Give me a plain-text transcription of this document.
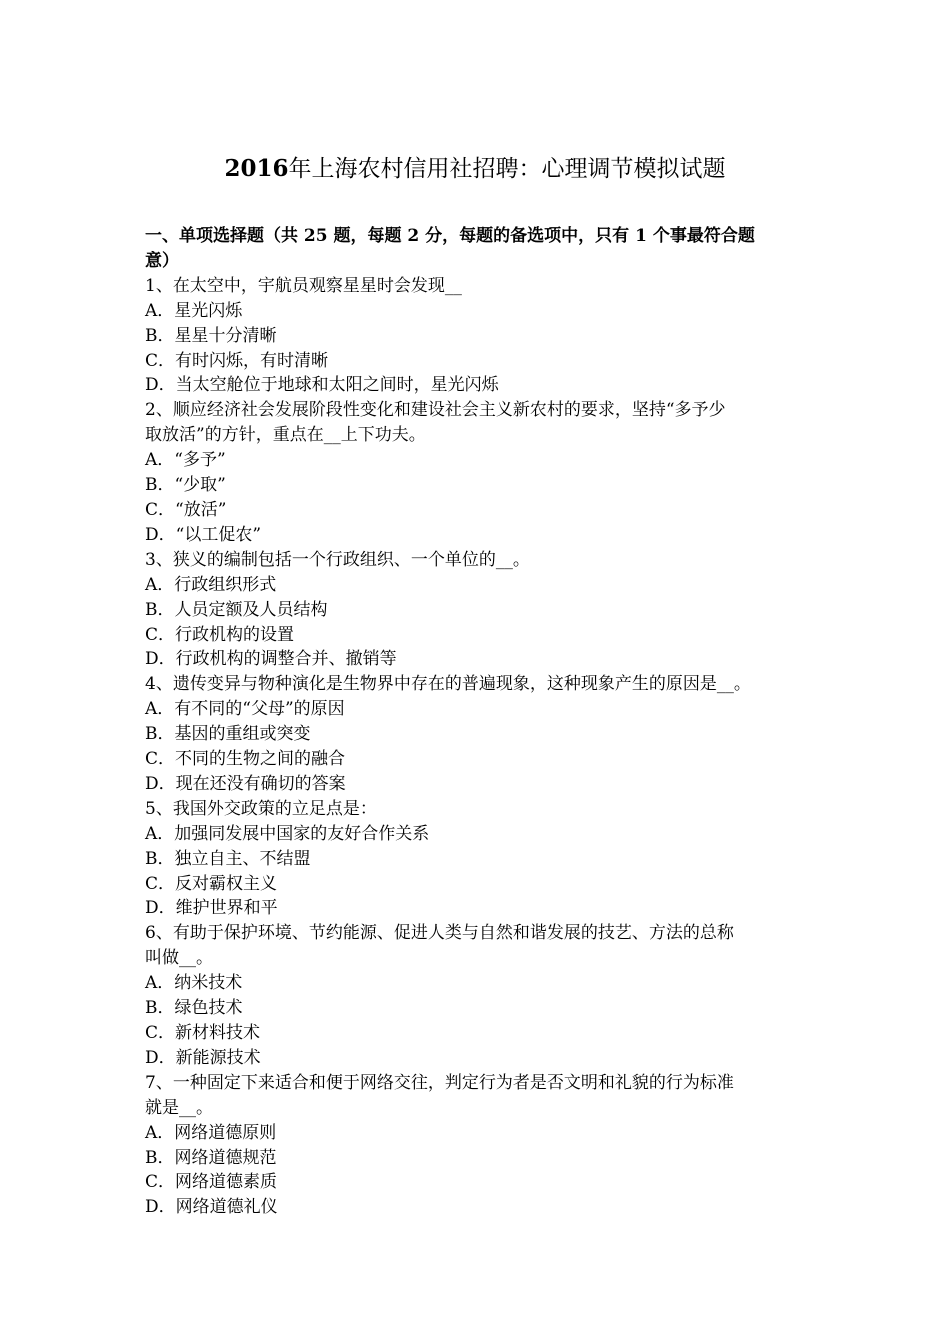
2016年上海农村信用社招聘：心理调节模拟试题

一、单项选择题（共 25 题，每题 2 分，每题的备选项中，只有 1 个事最符合题

意）

1、在太空中，宇航员观察星星时会发现__

A．星光闪烁

B．星星十分清晰

C．有时闪烁，有时清晰

D．当太空舱位于地球和太阳之间时，星光闪烁

2、顺应经济社会发展阶段性变化和建设社会主义新农村的要求，坚持“多予少

取放活”的方针，重点在__上下功夫。

A．“多予”

B．“少取”

C．“放活”

D．“以工促农”

3、狭义的编制包括一个行政组织、一个单位的__。

A．行政组织形式

B．人员定额及人员结构

C．行政机构的设置

D．行政机构的调整合并、撤销等

4、遗传变异与物种演化是生物界中存在的普遍现象，这种现象产生的原因是__。

A．有不同的“父母”的原因

B．基因的重组或突变

C．不同的生物之间的融合

D．现在还没有确切的答案

5、我国外交政策的立足点是：

A．加强同发展中国家的友好合作关系

B．独立自主、不结盟

C．反对霸权主义

D．维护世界和平

6、有助于保护环境、节约能源、促进人类与自然和谐发展的技艺、方法的总称

叫做__。

A．纳米技术

B．绿色技术

C．新材料技术

D．新能源技术

7、一种固定下来适合和便于网络交往，判定行为者是否文明和礼貌的行为标准

就是__。

A．网络道德原则

B．网络道德规范

C．网络道德素质

D．网络道德礼仪
